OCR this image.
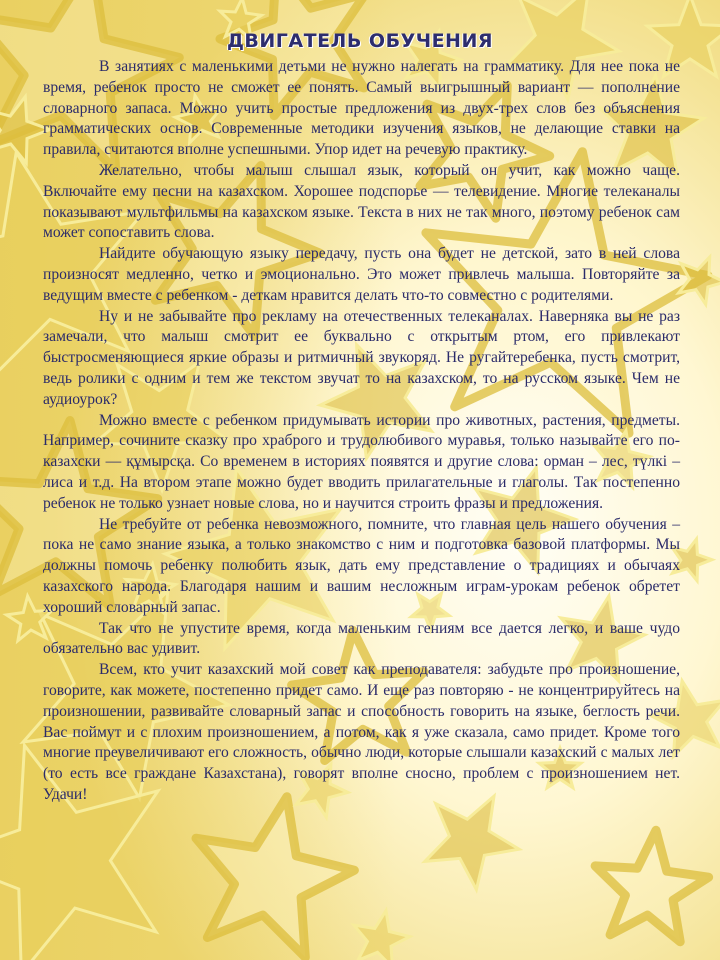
ДВИГАТЕЛЬ ОБУЧЕНИЯ

В занятиях с маленькими детьми не нужно налегать на грамматику. Для нее пока не время, ребенок просто не сможет ее понять. Самый выигрышный вариант — пополнение словарного запаса. Можно учить простые предложения из двух-трех слов без объяснения грамматических основ. Современные методики изучения языков, не делающие ставки на правила, считаются вполне успешными. Упор идет на речевую практику.

Желательно, чтобы малыш слышал язык, который он учит, как можно чаще. Включайте ему песни на казахском. Хорошее подспорье — телевидение. Многие телеканалы показывают мультфильмы на казахском языке. Текста в них не так много, поэтому ребенок сам может сопоставить слова.

Найдите обучающую языку передачу, пусть она будет не детской, зато в ней слова произносят медленно, четко и эмоционально. Это может привлечь малыша. Повторяйте за ведущим вместе с ребенком - деткам нравится делать что-то совместно с родителями.

Ну и не забывайте про рекламу на отечественных телеканалах. Наверняка вы не раз замечали, что малыш смотрит ее буквально с открытым ртом, его привлекают быстросменяющиеся яркие образы и ритмичный звукоряд. Не ругайтеребенка, пусть смотрит, ведь ролики с одним и тем же текстом звучат то на казахском, то на русском языке. Чем не аудиоурок?

Можно вместе с ребенком придумывать истории про животных, растения, предметы. Например, сочините сказку про храброго и трудолюбивого муравья, только называйте его по-казахски — құмырсқа. Со временем в историях появятся и другие слова: орман – лес, түлкі –лиса и т.д. На втором этапе можно будет вводить прилагательные и глаголы. Так постепенно ребенок не только узнает новые слова, но и научится строить фразы и предложения.

Не требуйте от ребенка невозможного, помните, что главная цель нашего обучения – пока не само знание языка, а только знакомство с ним и подготовка базовой платформы. Мы должны помочь ребенку полюбить язык, дать ему представление о традициях и обычаях казахского народа. Благодаря нашим и вашим несложным играм-урокам ребенок обретет хороший словарный запас.

Так что не упустите время, когда маленьким гениям все дается легко, и ваше чудо обязательно вас удивит.

Всем, кто учит казахский мой совет как преподавателя: забудьте про произношение, говорите, как можете, постепенно придет само. И еще раз повторяю - не концентрируйтесь на произношении, развивайте словарный запас и способность говорить на языке, беглость речи. Вас поймут и с плохим произношением, а потом, как я уже сказала, само придет. Кроме того многие преувеличивают его сложность, обычно люди, которые слышали казахский с малых лет (то есть все граждане Казахстана), говорят вполне сносно, проблем с произношением нет. Удачи!
